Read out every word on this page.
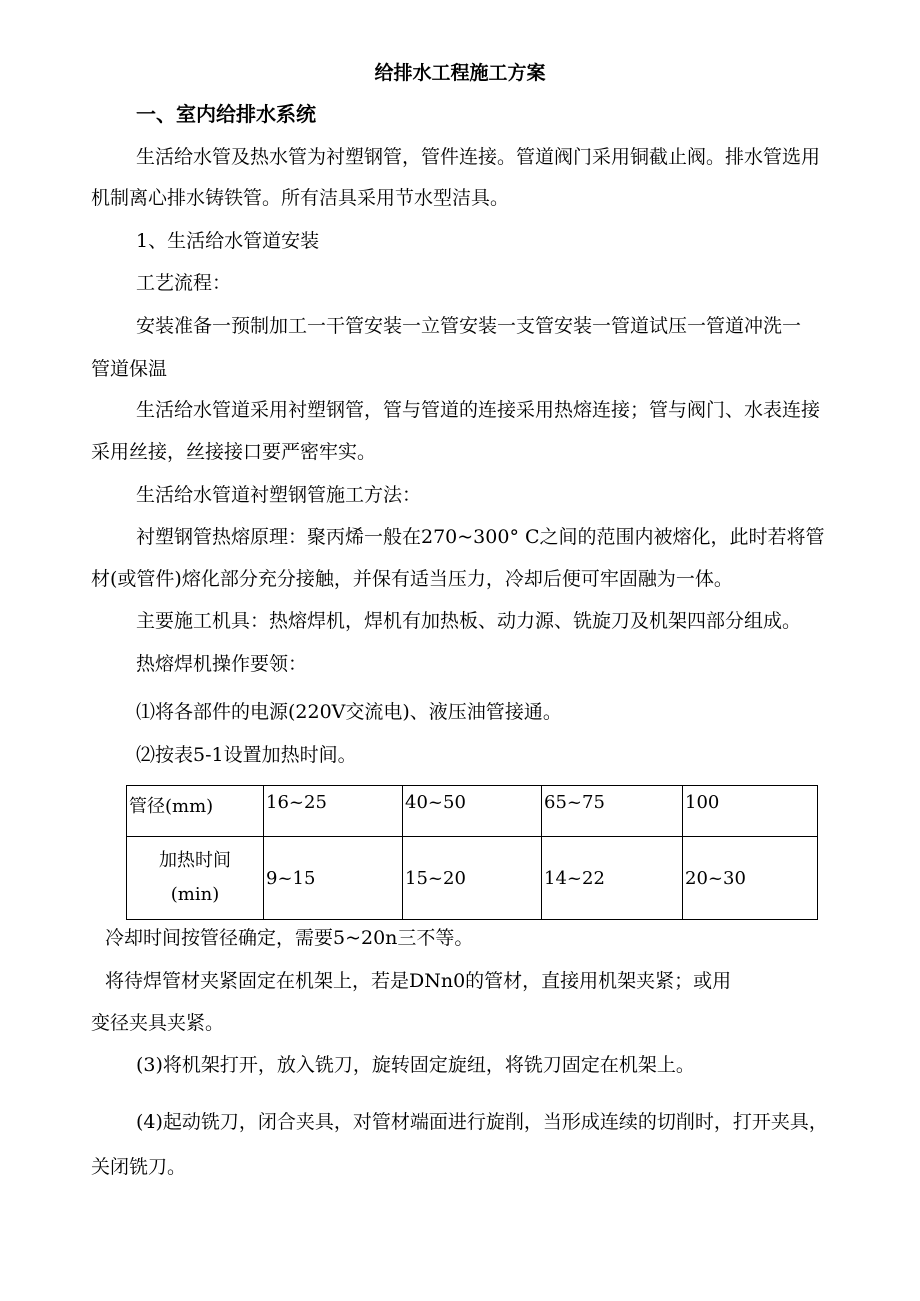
给排水工程施工方案
一、室内给排水系统
生活给水管及热水管为衬塑钢管，管件连接。管道阀门采用铜截止阀。排水管选用
机制离心排水铸铁管。所有洁具采用节水型洁具。
1、生活给水管道安装
工艺流程：
安装准备一预制加工一干管安装一立管安装一支管安装一管道试压一管道冲洗一
管道保温
生活给水管道采用衬塑钢管，管与管道的连接采用热熔连接；管与阀门、水表连接
采用丝接，丝接接口要严密牢实。
生活给水管道衬塑钢管施工方法：
衬塑钢管热熔原理：聚丙烯一般在270~300° C之间的范围内被熔化，此时若将管
材(或管件)熔化部分充分接触，并保有适当压力，冷却后便可牢固融为一体。
主要施工机具：热熔焊机，焊机有加热板、动力源、铣旋刀及机架四部分组成。
热熔焊机操作要领：
⑴将各部件的电源(220V交流电)、液压油管接通。
⑵按表5-1设置加热时间。
管径(mm)	16~25	40~50	65~75	100

加热时间
(min)	9~15	15~20	14~22	20~30
冷却时间按管径确定，需要5~20n三不等。
将待焊管材夹紧固定在机架上，若是DNn0的管材，直接用机架夹紧；或用
变径夹具夹紧。
(3)将机架打开，放入铣刀，旋转固定旋纽，将铣刀固定在机架上。
(4)起动铣刀，闭合夹具，对管材端面进行旋削，当形成连续的切削时，打开夹具，
关闭铣刀。
